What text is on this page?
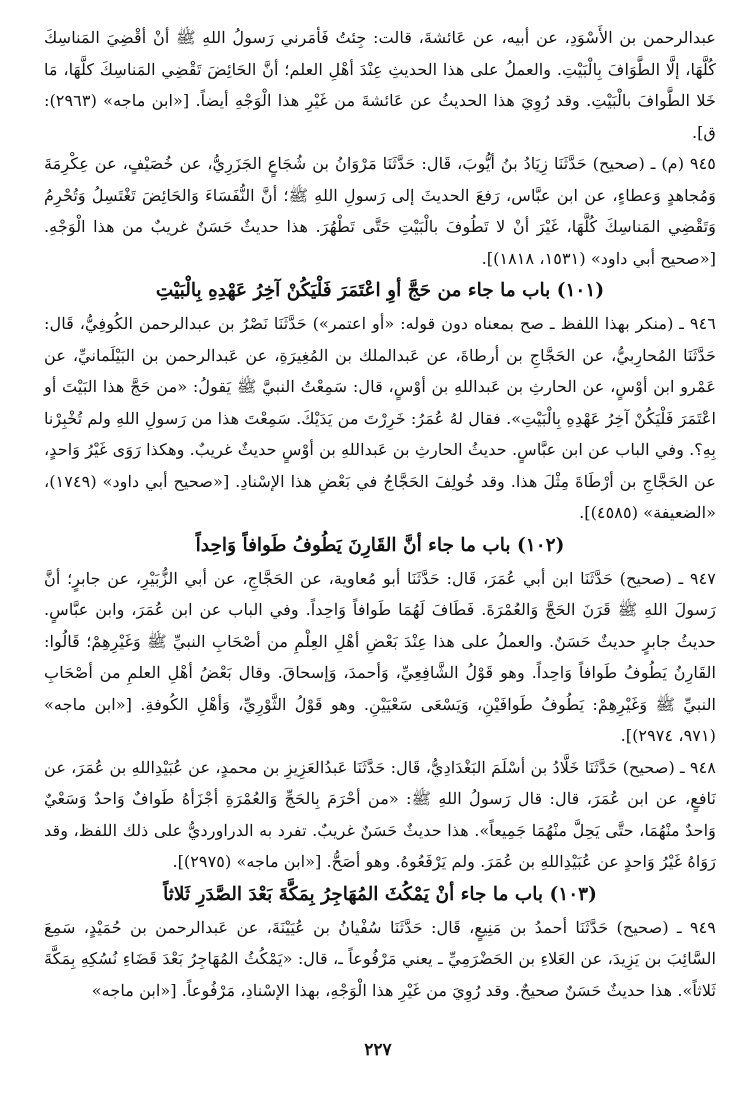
عبدالرحمن بن الأَسْوَدِ، عن أبيه، عن عَائشةَ، قالت: جِئتُ فَأمَرني رَسولُ اللهِ ﷺ أنْ أقْضِيَ المَناسِكَ كُلَّهَا، إلَّا الطَّوَافَ بِالْبَيْتِ. والعملُ على هذا الحديثِ عِنْدَ أهْلِ العلم؛ أنَّ الحَائِضَ تَقْضِي المَناسِكَ كلَّهَا، مَا خَلا الطَّوافَ بالْبَيْتِ. وقد رُوِيَ هذا الحديثُ عن عَائشةَ من غَيْرِ هذا الْوَجْهِ أيضاً. [«ابن ماجه» (٢٩٦٣): ق].

٩٤٥ (م) ـ (صحيح) حَدَّثَنَا زِيَادُ بنُ أيُّوبَ، قَال: حَدَّثَنَا مَرْوَانُ بن شُجَاعٍ الجَزَرِيُّ، عن خُصَيْفٍ، عن عِكْرِمَةَ وَمُجاهدٍ وَعطاءٍ، عن ابن عبَّاس، رَفعَ الحديثَ إلى رَسولِ اللهِ ﷺ؛ أنَّ النُّفَسَاءَ وَالحَائِضَ تَغْتَسِلُ وَتُحْرِمُ وَتَقْضِي المَناسِكَ كُلَّهَا، غَيْرَ أنْ لا تَطُوفَ بالْبَيْتِ حَتَّى تَطْهُرَ. هذا حديثٌ حَسَنٌ غريبٌ من هذا الْوَجْهِ. [«صحيح أبي داود» (١٥٣١، ١٨١٨)].

(١٠١) باب ما جاء من حَجَّ أوِ اعْتَمَرَ فَلْيَكُنْ آخِرُ عَهْدِهِ بِالْبَيْتِ

٩٤٦ ـ (منكر بهذا اللفظ ـ صح بمعناه دون قوله: «أو اعتمر») حَدَّثَنَا نَصْرُ بن عبدالرحمن الكُوفِيُّ، قَال: حَدَّثَنَا المُحارِبيُّ، عن الحَجَّاجِ بن أرطاةَ، عن عَبدالملك بن المُغِيرَةِ، عن عَبدالرحمن بن البَيْلَمانيِّ، عن عَمْرو ابن أوْسٍ، عن الحارثِ بن عَبداللهِ بن أوْسٍ، قال: سَمِعْتُ النبيَّ ﷺ يَقولُ: «من حَجَّ هذا البَيْتَ أو اعْتَمَرَ فَلْيَكُنْ آخِرُ عَهْدِهِ بِالْبَيْتِ». فقال لهُ عُمَرُ: خَرِرْتَ من يَدَيْكَ. سَمِعْتَ هذا من رَسولِ اللهِ ولم تُخْبِرْنا بِهِ؟. وفي الباب عن ابن عبَّاسٍ. حديثُ الحارثِ بن عَبداللهِ بن أوْسٍ حديثٌ غريبٌ. وهكذا رَوَى غَيْرُ وَاحدٍ، عن الحَجَّاجِ بن أرْطَاةَ مِثْلَ هذا. وقد خُولِفَ الحَجَّاجُ في بَعْضِ هذا الإسْنادِ. [«صحيح أبي داود» (١٧٤٩)، «الضعيفة» (٤٥٨٥)].

(١٠٢) باب ما جاء أنَّ القَارِنَ يَطُوفُ طَوافاً وَاحِداً

٩٤٧ ـ (صحيح) حَدَّثَنَا ابن أبي عُمَرَ، قَال: حَدَّثَنَا أبو مُعاوية، عن الحَجَّاجِ، عن أبي الزُّبَيْرِ، عن جابرٍ؛ أنَّ رَسولَ اللهِ ﷺ قَرَنَ الحَجَّ وَالعُمْرَةَ. فَطَافَ لَهُمَا طَوافاً وَاحِداً. وفي الباب عن ابن عُمَرَ، وابن عبَّاسٍ. حديثُ جابرٍ حديثٌ حَسَنٌ. والعملُ على هذا عِنْدَ بَعْضِ أهْلِ العِلْمِ من أصْحَابِ النبيِّ ﷺ وَغَيْرِهِمْ؛ قَالُوا: القَارِنُ يَطُوفُ طَوافاً وَاحِداً. وهو قَوْلُ الشَّافِعِيِّ، وَأحمدَ، وَإسحاقَ. وقال بَعْضُ أهْلِ العلمِ من أصْحَابِ النبيِّ ﷺ وَغَيْرِهِمْ: يَطُوفُ طَوافَيْنِ، وَيَسْعَى سَعْيَيْنِ. وهو قَوْلُ الثَّوْرِيِّ، وَأهْلِ الكُوفةِ. [«ابن ماجه» (٩٧١، ٢٩٧٤)].

٩٤٨ ـ (صحيح) حَدَّثَنَا خَلَّادُ بن أسْلَمَ البَغْدَادِيُّ، قَال: حَدَّثَنَا عَبدُالعَزِيزِ بن محمدٍ، عن عُبَيْدِاللهِ بن عُمَرَ، عن نَافعٍ، عن ابن عُمَرَ، قال: قال رَسولُ اللهِ ﷺ: «من أحْرَمَ بِالحَجِّ وَالعُمْرَةِ أجْزَأهُ طَوافٌ وَاحدٌ وَسَعْيٌ وَاحدٌ منْهُمَا، حتَّى يَحِلَّ منْهُمَا جَمِيعاً». هذا حديثٌ حَسَنٌ غريبٌ. تفرد به الدراورديُّ على ذلك اللفظ، وقد رَوَاهُ غَيْرُ وَاحدٍ عن عُبَيْدِاللهِ بن عُمَرَ. ولم يَرْفَعُوهُ. وهو أصَحُّ. [«ابن ماجه» (٢٩٧٥)].

(١٠٣) باب ما جاء أنْ يَمْكُثَ المُهَاجِرُ بِمَكَّةَ بَعْدَ الصَّدَرِ ثَلاثاً

٩٤٩ ـ (صحيح) حَدَّثَنَا أحمدُ بن مَنِيعٍ، قَال: حَدَّثَنَا سُفْيانُ بن عُيَيْنَةَ، عن عَبدالرحمن بن حُمَيْدٍ، سَمِعَ السَّائِبَ بن يَزِيدَ، عن العَلاءِ بن الحَضْرَمِيِّ ـ يعني مَرْفُوعاً ـ، قال: «يَمْكُثُ المُهَاجِرُ بَعْدَ قَضَاءِ نُسُكِهِ بِمَكَّةَ ثَلاثاً». هذا حديثٌ حَسَنٌ صحيحٌ. وقد رُوِيَ من غَيْرِ هذا الْوَجْهِ، بهذا الإسْنادِ، مَرْفُوعاً. [«ابن ماجه»

٢٢٧
